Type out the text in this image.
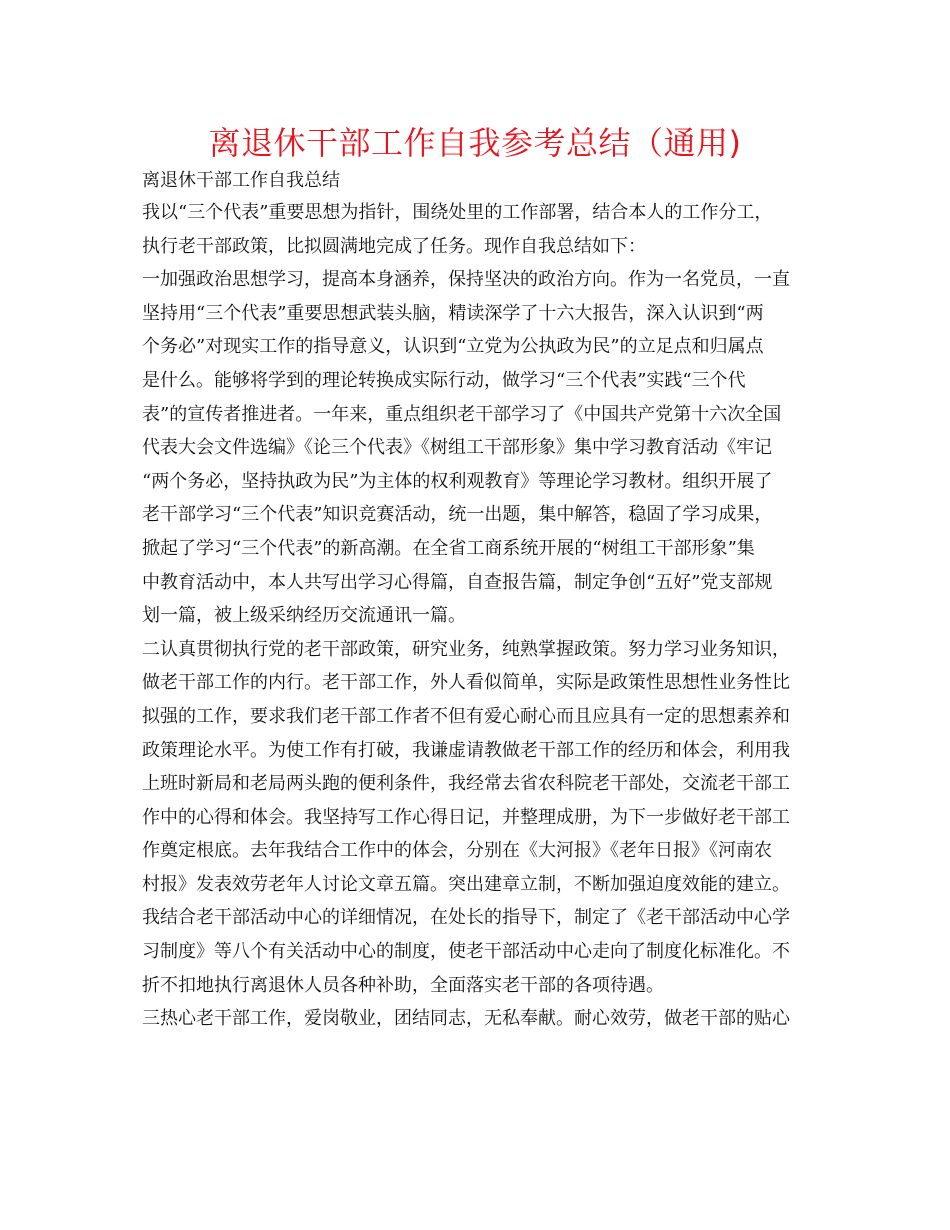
离退休干部工作自我参考总结（通用)
离退休干部工作自我总结
我以“三个代表”重要思想为指针，围绕处里的工作部署，结合本人的工作分工，
执行老干部政策，比拟圆满地完成了任务。现作自我总结如下：
一加强政治思想学习，提高本身涵养，保持坚决的政治方向。作为一名党员，一直
坚持用“三个代表”重要思想武装头脑，精读深学了十六大报告，深入认识到“两
个务必”对现实工作的指导意义，认识到“立党为公执政为民”的立足点和归属点
是什么。能够将学到的理论转换成实际行动，做学习“三个代表”实践“三个代
表”的宣传者推进者。一年来，重点组织老干部学习了《中国共产党第十六次全国
代表大会文件选编》《论三个代表》《树组工干部形象》集中学习教育活动《牢记
“两个务必，坚持执政为民”为主体的权利观教育》等理论学习教材。组织开展了
老干部学习“三个代表”知识竞赛活动，统一出题，集中解答，稳固了学习成果，
掀起了学习“三个代表”的新高潮。在全省工商系统开展的“树组工干部形象”集
中教育活动中，本人共写出学习心得篇，自查报告篇，制定争创“五好”党支部规
划一篇，被上级采纳经历交流通讯一篇。
二认真贯彻执行党的老干部政策，研究业务，纯熟掌握政策。努力学习业务知识，
做老干部工作的内行。老干部工作，外人看似简单，实际是政策性思想性业务性比
拟强的工作，要求我们老干部工作者不但有爱心耐心而且应具有一定的思想素养和
政策理论水平。为使工作有打破，我谦虚请教做老干部工作的经历和体会，利用我
上班时新局和老局两头跑的便利条件，我经常去省农科院老干部处，交流老干部工
作中的心得和体会。我坚持写工作心得日记，并整理成册，为下一步做好老干部工
作奠定根底。去年我结合工作中的体会，分别在《大河报》《老年日报》《河南农
村报》发表效劳老年人讨论文章五篇。突出建章立制，不断加强迫度效能的建立。
我结合老干部活动中心的详细情况，在处长的指导下，制定了《老干部活动中心学
习制度》等八个有关活动中心的制度，使老干部活动中心走向了制度化标准化。不
折不扣地执行离退休人员各种补助，全面落实老干部的各项待遇。
三热心老干部工作，爱岗敬业，团结同志，无私奉献。耐心效劳，做老干部的贴心
